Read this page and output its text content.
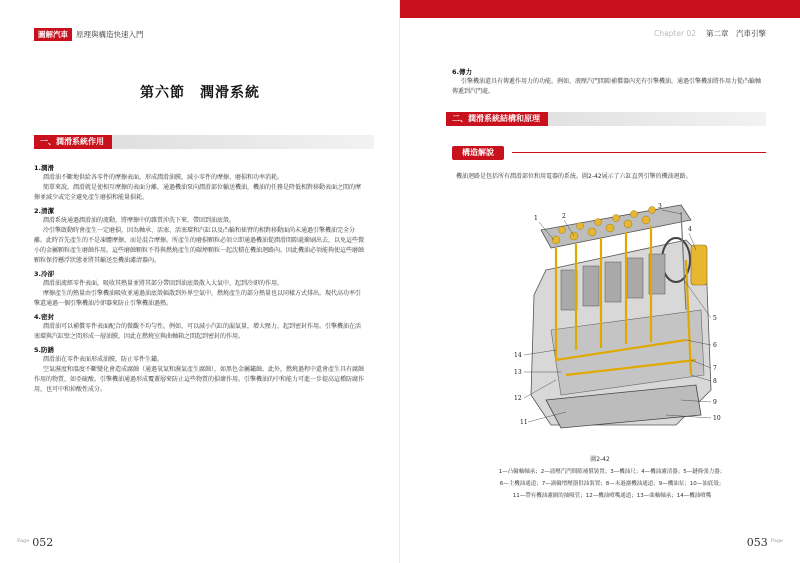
圖解汽車	原理與構造快速入門
第六節　潤滑系統
一、潤滑系統作用
1.潤滑

潤滑油不斷地供給各零件的摩擦表面，形成潤滑油膜，減小零件的摩擦、磨損和功率消耗。

簡單來說，潤滑就是使相互摩擦的表面分離，通過機油泵向潤滑部位輸送機油，機油的任務是降低相對移動表面之間的摩擦並減少或完全避免產生磨損和能量損耗。

2.清潔

潤滑系統通過潤滑油的流動，將摩擦中的雜質沖洗下來，帶回到油底殼。

冷引擎啟動時會產生一定磨損，因為軸承、活塞、活塞環和汽缸以及凸輪和搖臂的相對移動面尚未通過引擎機油完全分離。此時首先產生的不是凍體摩擦，而是混合摩擦。所產生的磨損顆粒必須立即通過機油從潤滑間隙處衝刷出去，以免這些微小的金屬顆粒產生磨蝕作用。這些磨蝕顆粒不得與燃燒產生的碳煙顆粒一起沈積在機油迴路內。因此機油必須能夠使這些磨蝕顆粒保持懸浮狀態並將其輸送至機油濾清器內。

3.冷卻

潤滑油流經零件表面，吸收其熱量並將其部分帶回到油底殼散入大氣中，起到冷卻的作用。

摩擦產生的熱量由引擎機油吸收並通過油底殼輻散到外界空氣中，燃燒產生的部分熱量也以同樣方式排出。現代高功率引擎還通過一個引擎機油冷卻器來防止引擎機油過熱。

4.密封

潤滑油可以補償零件表面配合的微觀不均勻性。例如，可以減小汽缸的漏氣量，增大壓力，起到密封作用。引擎機油在活塞環與汽缸壁之間形成一層油膜，因此在燃燒室與曲軸箱之間起到密封的作用。

5.防銹

潤滑油在零件表面形成油膜，防止零件生鏽。

空氣濕度和溫度不斷變化會造成腐蝕（通過氧氣和濕氣產生腐蝕），如黑色金屬鏽蝕。此外，燃燒過程中還會產生具有腐蝕作用的物質，如亞硫酸。引擎機油通過形成覆蓋層來防止這些物質的損壞作用。引擎機油的中和能力可進一步提高這種防腐作用，也可中和掉酸性成分。

$^{Page}$ 052
Chapter 02 第二章　汽車引擎
6.傳力

引擎機油還具有傳遞作用力的功能。例如，液壓汽門間隙補償器內充有引擎機油，通過引擎機油將作用力從凸輪軸傳遞到汽門處。

二、潤滑系統結構和原理
構造解說
機油迴路是包括所有潤滑部位和用電器的系統。圖2-42展示了六缸直列引擎的機油迴路。
053 $^{Page}$
1	2
3
4
5
6
7
8
9
10
11
12
13
14
圖2-42
1—凸輪軸軸承；2—液壓汽門間隙補償裝置；3—機油尺；4—機油濾清器；5—鏈條張力器；
6—主機油通道；7—渦輪增壓器供油裝置；8—未過濾機油通道；9—機油泵；10—油底殼；
11—帶有機油濾網的抽吸管；12—機油噴嘴通道；13—曲軸軸承；14—機油噴嘴
